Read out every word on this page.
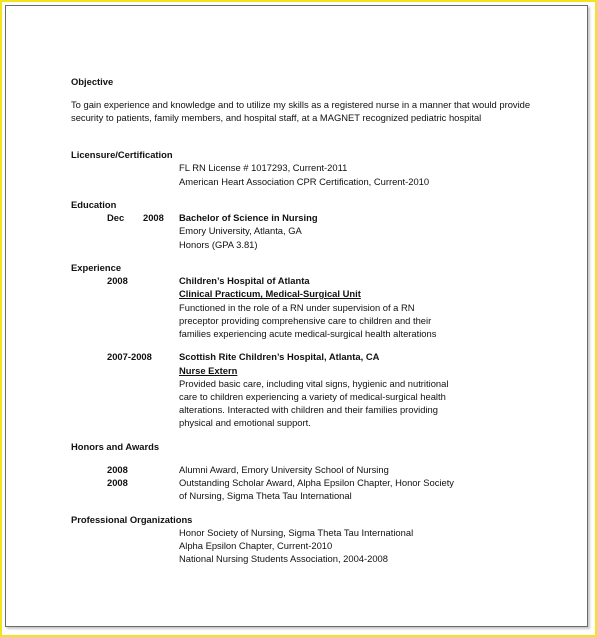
Objective
To gain experience and knowledge and to utilize my skills as a registered nurse in a manner that would provide security to patients, family members, and hospital staff, at a MAGNET recognized pediatric hospital
Licensure/Certification
FL RN License # 1017293, Current-2011
American Heart Association CPR Certification, Current-2010
Education
Dec 2008 Bachelor of Science in Nursing
Emory University, Atlanta, GA
Honors (GPA 3.81)
Experience
2008	Children’s Hospital of Atlanta
Clinical Practicum, Medical-Surgical Unit
Functioned in the role of a RN under supervision of a RN
preceptor providing comprehensive care to children and their
families experiencing acute medical-surgical health alterations
2007-2008	Scottish Rite Children’s Hospital, Atlanta, CA
Nurse Extern
Provided basic care, including vital signs, hygienic and nutritional
care to children experiencing a variety of medical-surgical health
alterations. Interacted with children and their families providing
physical and emotional support.
Honors and Awards
2008	Alumni Award, Emory University School of Nursing
2008	Outstanding Scholar Award, Alpha Epsilon Chapter, Honor Society
of Nursing, Sigma Theta Tau International
Professional Organizations
Honor Society of Nursing, Sigma Theta Tau International
Alpha Epsilon Chapter, Current-2010
National Nursing Students Association, 2004-2008
